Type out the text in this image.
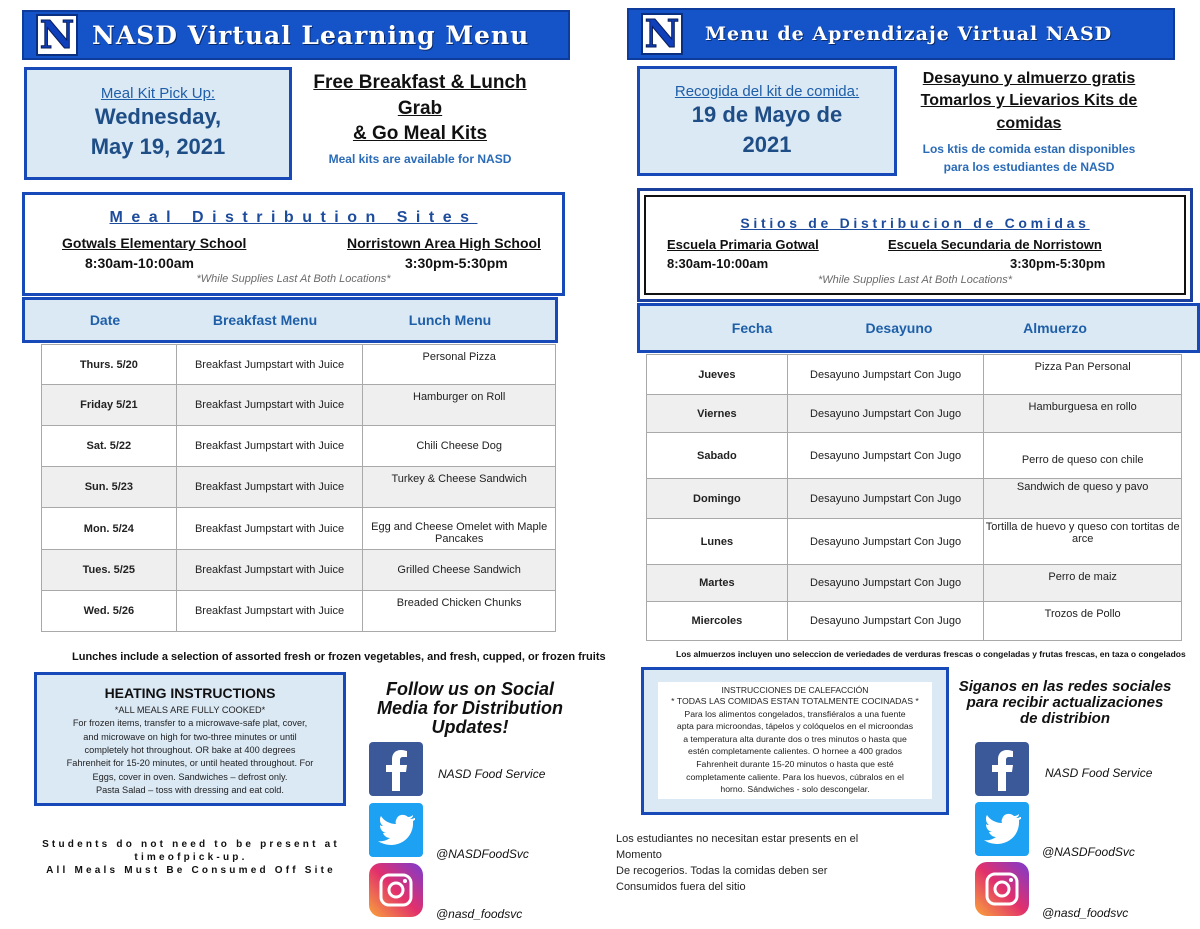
N NASD Virtual Learning Menu
Meal Kit Pick Up:
Wednesday,
May 19, 2021
Free Breakfast & Lunch
Grab
& Go Meal Kits
Meal kits are available for NASD
Meal Distribution Sites
Gotwals Elementary School
8:30am-10:00am
Norristown Area High School
3:30pm-5:30pm
*While Supplies Last At Both Locations*
Date	Breakfast Menu	Lunch Menu
Thurs. 5/20	Breakfast Jumpstart with Juice	Personal Pizza
Friday 5/21	Breakfast Jumpstart with Juice	Hamburger on Roll
Sat. 5/22	Breakfast Jumpstart with Juice	Chili Cheese Dog
Sun. 5/23	Breakfast Jumpstart with Juice	Turkey & Cheese Sandwich
Mon. 5/24	Breakfast Jumpstart with Juice	Egg and Cheese Omelet with Maple Pancakes
Tues. 5/25	Breakfast Jumpstart with Juice	Grilled Cheese Sandwich
Wed. 5/26	Breakfast Jumpstart with Juice	Breaded Chicken Chunks
Lunches include a selection of assorted fresh or frozen vegetables, and fresh, cupped, or frozen fruits
HEATING INSTRUCTIONS
*ALL MEALS ARE FULLY COOKED*
For frozen items, transfer to a microwave-safe plat, cover,
and microwave on high for two-three minutes or until
completely hot throughout. OR bake at 400 degrees
Fahrenheit for 15-20 minutes, or until heated throughout. For
Eggs, cover in oven. Sandwiches – defrost only.
Pasta Salad – toss with dressing and eat cold.
Follow us on Social
Media for Distribution
Updates!
NASD Food Service
@NASDFoodSvc
@nasd_foodsvc
Students do not need to be present at
timeofpick-up.
All Meals Must Be Consumed Off Site
N Menu de Aprendizaje Virtual NASD
Recogida del kit de comida:
19 de Mayo de
2021
Desayuno y almuerzo gratis
Tomarlos y Lievarios Kits de
comidas
Los ktis de comida estan disponibles
para los estudiantes de NASD
Sitios de Distribucion de Comidas
Escuela Primaria Gotwal
8:30am-10:00am
Escuela Secundaria de Norristown
3:30pm-5:30pm
*While Supplies Last At Both Locations*
Fecha	Desayuno	Almuerzo
Jueves	Desayuno Jumpstart Con Jugo	Pizza Pan Personal
Viernes	Desayuno Jumpstart Con Jugo	Hamburguesa en rollo
Sabado	Desayuno Jumpstart Con Jugo	Perro de queso con chile
Domingo	Desayuno Jumpstart Con Jugo	Sandwich de queso y pavo
Lunes	Desayuno Jumpstart Con Jugo	Tortilla de huevo y queso con tortitas de arce
Martes	Desayuno Jumpstart Con Jugo	Perro de maiz
Miercoles	Desayuno Jumpstart Con Jugo	Trozos de Pollo
Los almuerzos incluyen uno seleccion de veriedades de verduras frescas o congeladas y frutas frescas, en taza o congelados
INSTRUCCIONES DE CALEFACCIÓN
* TODAS LAS COMIDAS ESTAN TOTALMENTE COCINADAS *
Para los alimentos congelados, transfiéralos a una fuente
apta para microondas, tápelos y colóquelos en el microondas
a temperatura alta durante dos o tres minutos o hasta que
estén completamente calientes. O hornee a 400 grados
Fahrenheit durante 15-20 minutos o hasta que esté
completamente caliente. Para los huevos, cúbralos en el
horno. Sándwiches - solo descongelar.
Siganos en las redes sociales
para recibir actualizaciones
de distribion
NASD Food Service
@NASDFoodSvc
@nasd_foodsvc
Los estudiantes no necesitan estar presents en el
Momento
De recogerios. Todas la comidas deben ser
Consumidos fuera del sitio
